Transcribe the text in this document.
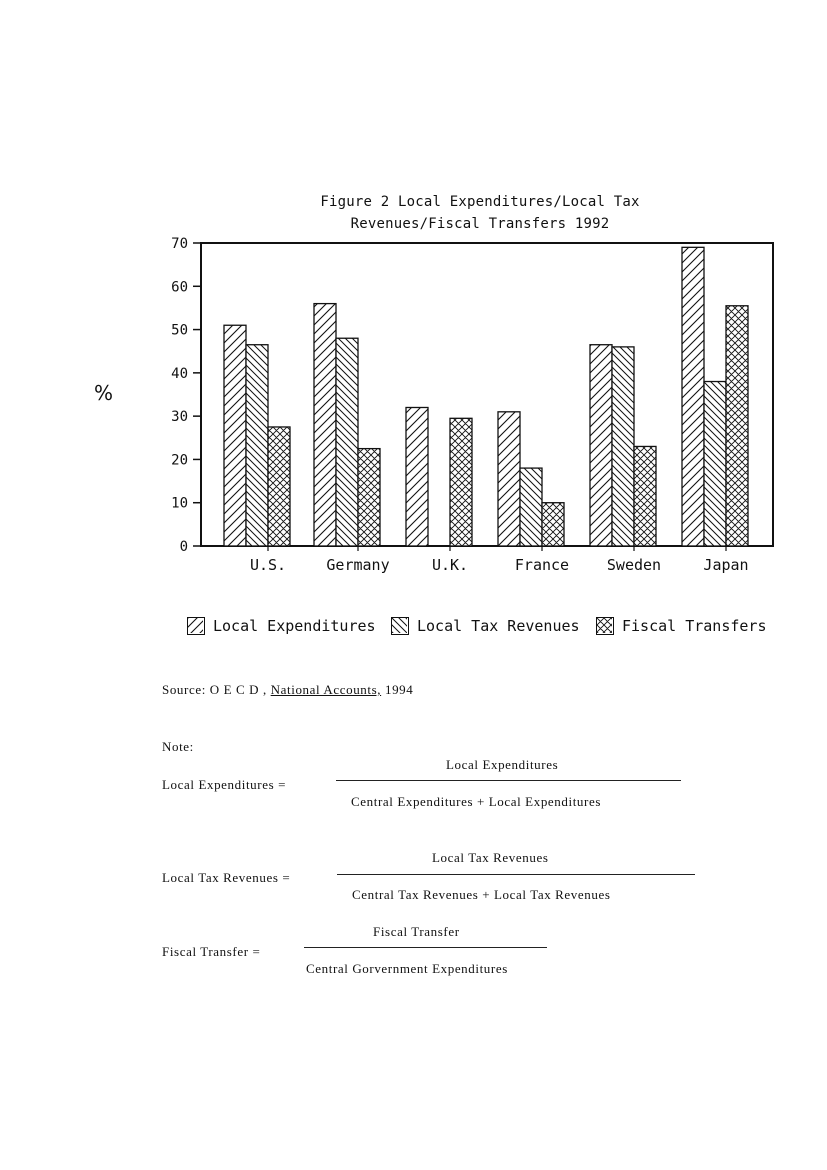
Figure 2 Local Expenditures/Local Tax
Revenues/Fiscal Transfers 1992
%
0
10
20
30
40
50
60
70
U.S.	Germany	U.K.	France	Sweden	Japan
Local Expenditures	Local Tax Revenues	Fiscal Transfers
Source: O E C D , National Accounts, 1994
Note:
Local Expenditures =
Local Expenditures
Central Expenditures + Local Expenditures
Local Tax Revenues =
Local Tax Revenues
Central Tax Revenues + Local Tax Revenues
Fiscal Transfer =
Fiscal Transfer
Central Gorvernment Expenditures
